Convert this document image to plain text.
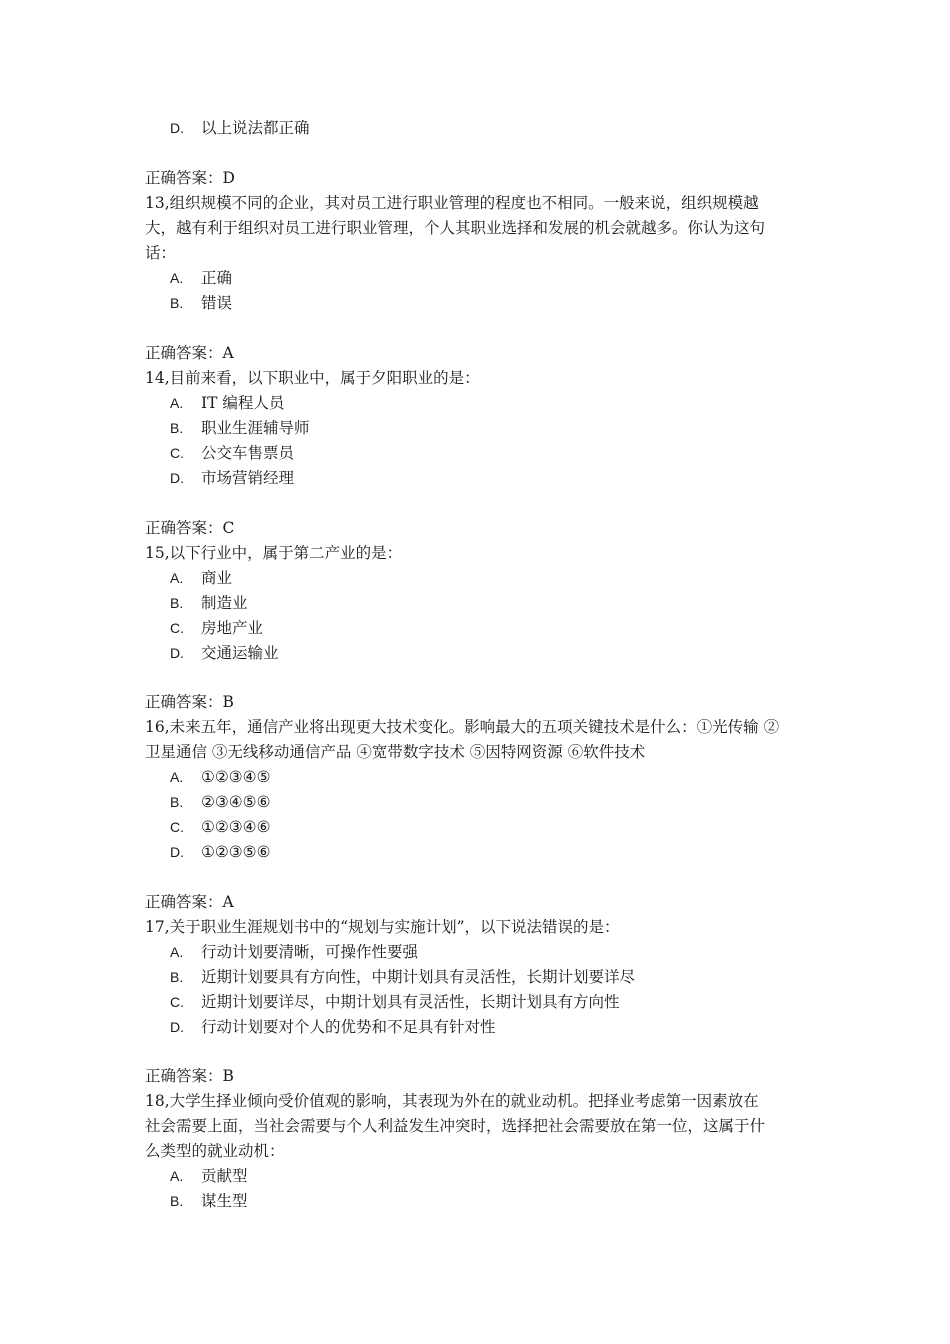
D. 以上说法都正确
正确答案：D
13,组织规模不同的企业，其对员工进行职业管理的程度也不相同。一般来说，组织规模越
大，越有利于组织对员工进行职业管理，个人其职业选择和发展的机会就越多。你认为这句
话：
A. 正确
B. 错误
正确答案：A
14,目前来看，以下职业中，属于夕阳职业的是：
A. IT 编程人员
B. 职业生涯辅导师
C. 公交车售票员
D. 市场营销经理
正确答案：C
15,以下行业中，属于第二产业的是：
A. 商业
B. 制造业
C. 房地产业
D. 交通运输业
正确答案：B
16,未来五年，通信产业将出现更大技术变化。影响最大的五项关键技术是什么：①光传输 ②
卫星通信 ③无线移动通信产品 ④宽带数字技术 ⑤因特网资源 ⑥软件技术
A. ①②③④⑤
B. ②③④⑤⑥
C. ①②③④⑥
D. ①②③⑤⑥
正确答案：A
17,关于职业生涯规划书中的“规划与实施计划”，以下说法错误的是：
A. 行动计划要清晰，可操作性要强
B. 近期计划要具有方向性，中期计划具有灵活性，长期计划要详尽
C. 近期计划要详尽，中期计划具有灵活性，长期计划具有方向性
D. 行动计划要对个人的优势和不足具有针对性
正确答案：B
18,大学生择业倾向受价值观的影响，其表现为外在的就业动机。把择业考虑第一因素放在
社会需要上面，当社会需要与个人利益发生冲突时，选择把社会需要放在第一位，这属于什
么类型的就业动机：
A. 贡献型
B. 谋生型
